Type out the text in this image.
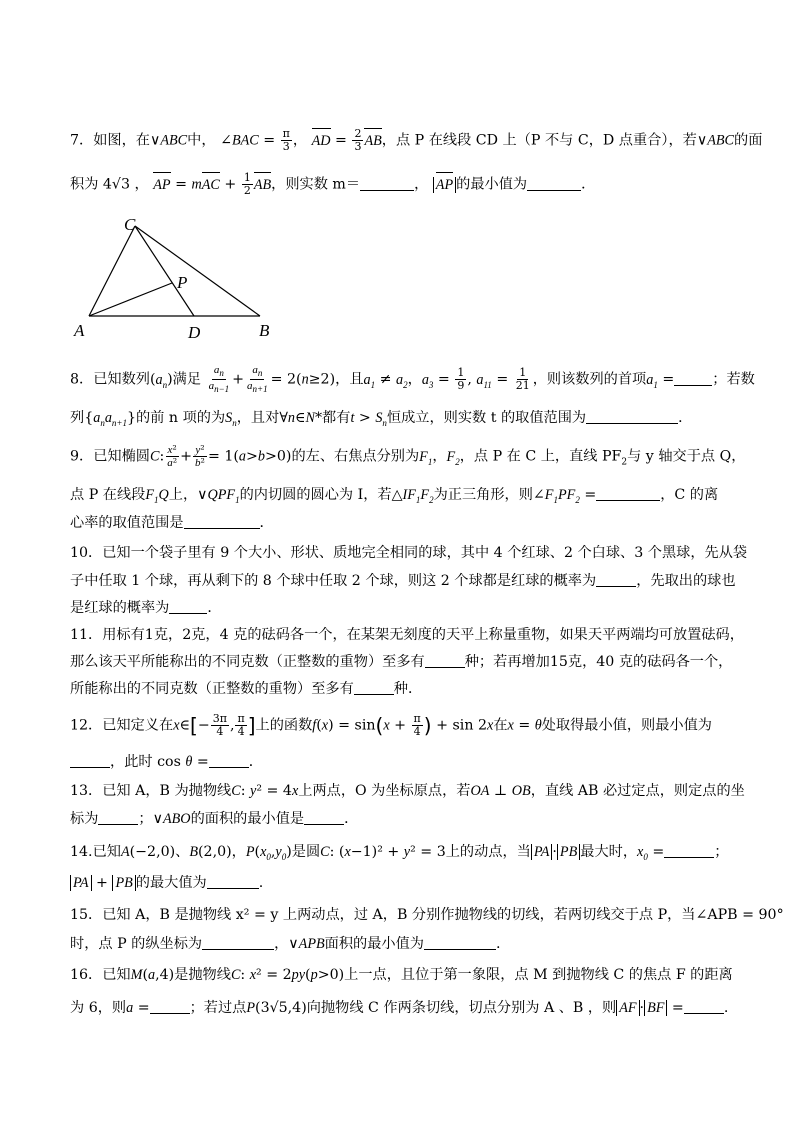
7．如图，在∨ABC中， ∠BAC = $\frac{\pi}{3}$ ， AD = $\frac{2}{3}$ AB，点 P 在线段 CD 上（P 不与 C，D 点重合），若∨ABC的面
积为 4√3 ， AP = mAC + $\frac{1}{2}$ AB，则实数 m＝	， AP 的最小值为	．
C
P
A	D	B
8．已知数列$(a_n)$满足 $\frac{a_n}{a_{n-1}} + \frac{a_n}{a_{n+1}} = 2(n\ge 2)$，且$a_1 \ne a_2$，$a_3 = \frac{1}{9}$ , $a_{11} = \frac{1}{21}$ ，则该数列的首项$a_1$ =	；若数
列$\{a_na_{n+1}\}$的前 n 项的为$S_n$，且对∀n∈N*都有$t > S_n$恒成立，则实数 t 的取值范围为	．
9．已知椭圆C: $\frac{\text{x²}}{\text{a²}} + \frac{\text{y²}}{\text{b²}} = 1(a>b>0)$的左、右焦点分别为$F_1$，$F_2$，点 P 在 C 上，直线 $PF_2$与 y 轴交于点 Q，
点 P 在线段$F_1Q$上，$\vee QPF_1$的内切圆的圆心为 I，若$\triangle IF_1F_2$为正三角形，则$\angle F_1PF_2$ =	，C 的离
心率的取值范围是	．
10．已知一个袋子里有 9 个大小、形状、质地完全相同的球，其中 4 个红球、2 个白球、3 个黑球，先从袋
子中任取 1 个球，再从剩下的 8 个球中任取 2 个球，则这 2 个球都是红球的概率为	，先取出的球也
是红球的概率为	．
11．用标有1克，2克，4 克的砝码各一个，在某架无刻度的天平上称量重物，如果天平两端均可放置砝码，
那么该天平所能称出的不同克数（正整数的重物）至多有	种；若再增加15克，40 克的砝码各一个，
所能称出的不同克数（正整数的重物）至多有	种．
12．已知定义在x∈[− $\frac{3\pi}{4}$ , $\frac{\pi}{4}$ ]上的函数$f(x) = \sin(x + \frac{\pi}{4}$ ) + sin 2x在x = θ处取得最小值，则最小值为
，此时 cos θ =	．
13．已知 A，B 为抛物线C: y² = 4x上两点，O 为坐标原点，若OA ⊥ OB，直线 AB 必过定点，则定点的坐
标为	；∨ABO的面积的最小值是	．
14.已知A(−2,0)、B(2,0)，$P(x_0,y_0)$是圆C: (x−1)² + y² = 3上的动点，当 PA · PB 最大时，$x_0$ =	；
PA + PB 的最大值为	.
15．已知 A，B 是抛物线 x² = y 上两动点，过 A，B 分别作抛物线的切线，若两切线交于点 P，当∠APB = 90°
时，点 P 的纵坐标为	，∨APB面积的最小值为	.
16．已知M(a,4)是抛物线C: x² = 2py(p>0)上一点，且位于第一象限，点 M 到抛物线 C 的焦点 F 的距离
为 6，则a =	；若过点P(3√5,4)向抛物线 C 作两条切线，切点分别为 A 、B ，则 AF · BF =	.
